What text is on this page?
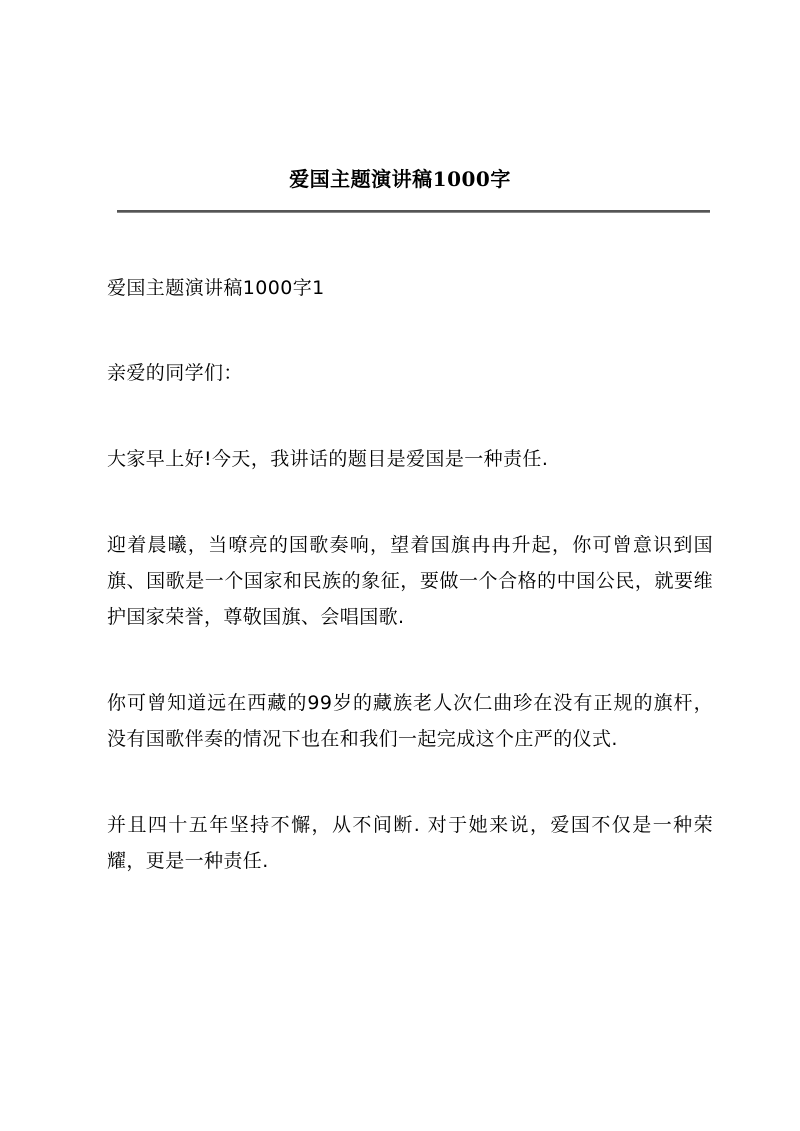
爱国主题演讲稿1000字

爱国主题演讲稿1000字1

亲爱的同学们：

大家早上好!今天，我讲话的题目是爱国是一种责任.

迎着晨曦，当嘹亮的国歌奏响，望着国旗冉冉升起，你可曾意识到国旗、国歌是一个国家和民族的象征，要做一个合格的中国公民，就要维护国家荣誉，尊敬国旗、会唱国歌.

你可曾知道远在西藏的99岁的藏族老人次仁曲珍在没有正规的旗杆，没有国歌伴奏的情况下也在和我们一起完成这个庄严的仪式.

并且四十五年坚持不懈，从不间断. 对于她来说，爱国不仅是一种荣耀，更是一种责任.
